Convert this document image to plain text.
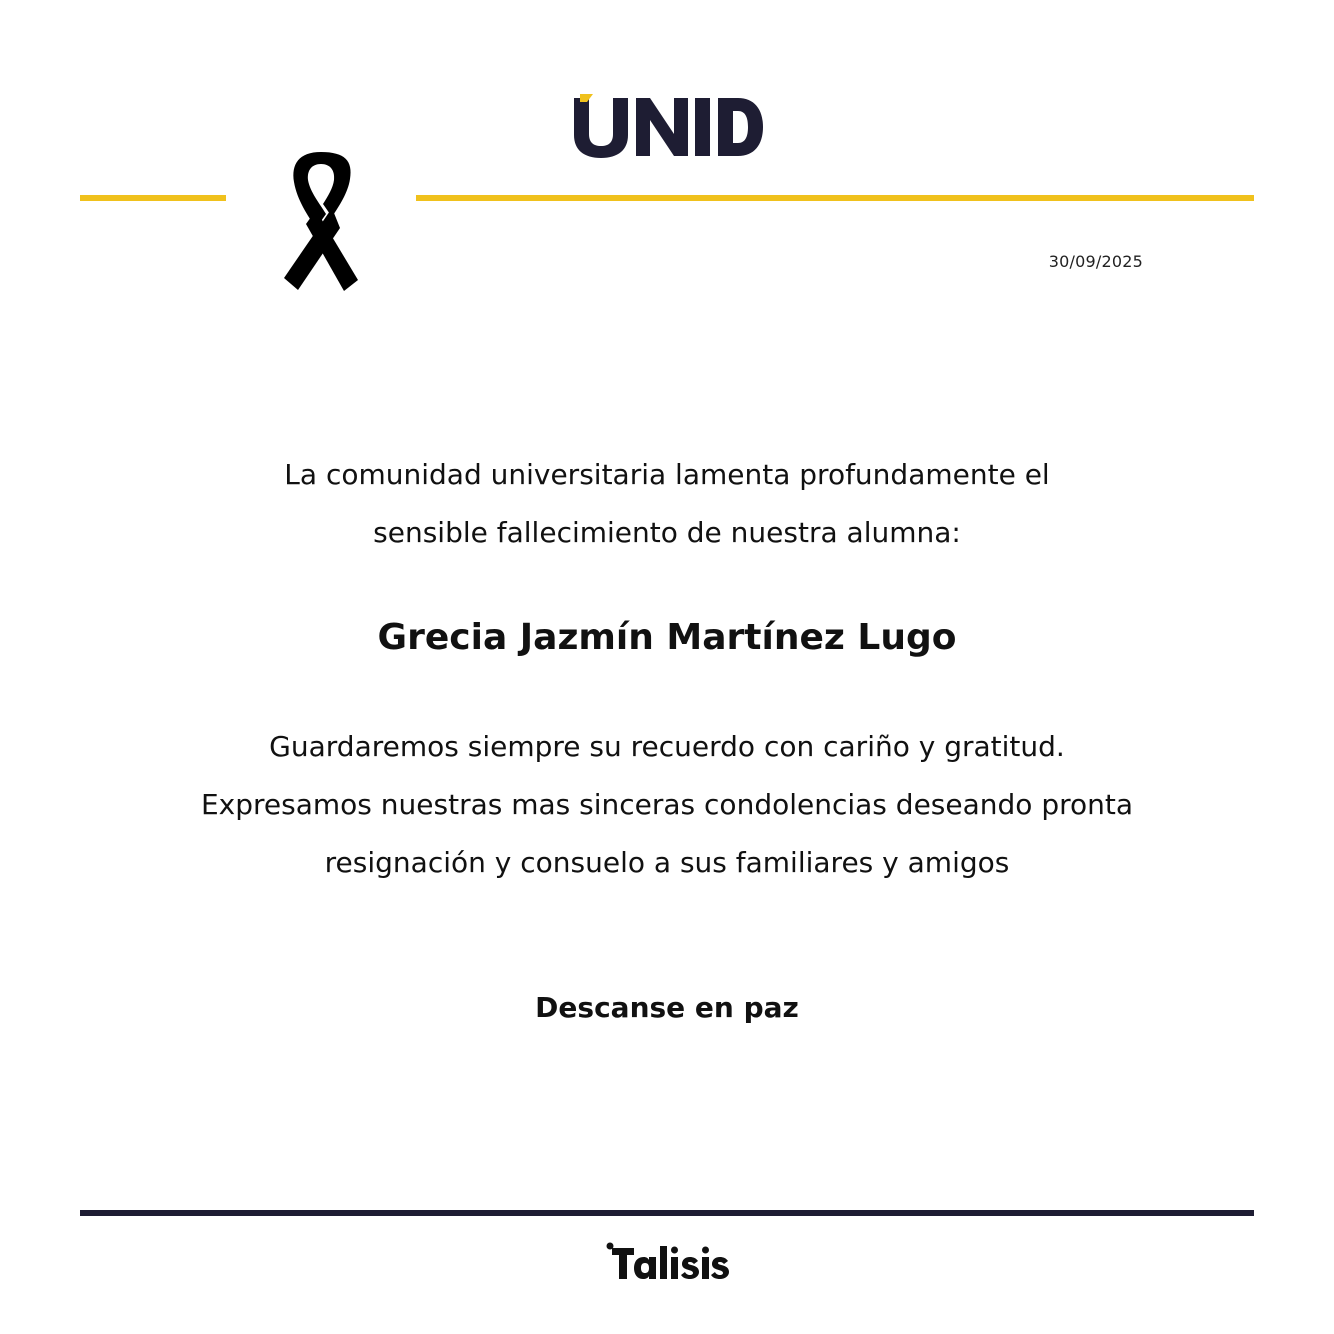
30/09/2025
La comunidad universitaria lamenta profundamente el
sensible fallecimiento de nuestra alumna:
Grecia Jazmín Martínez Lugo
Guardaremos siempre su recuerdo con cariño y gratitud.
Expresamos nuestras mas sinceras condolencias deseando pronta
resignación y consuelo a sus familiares y amigos
Descanse en paz
